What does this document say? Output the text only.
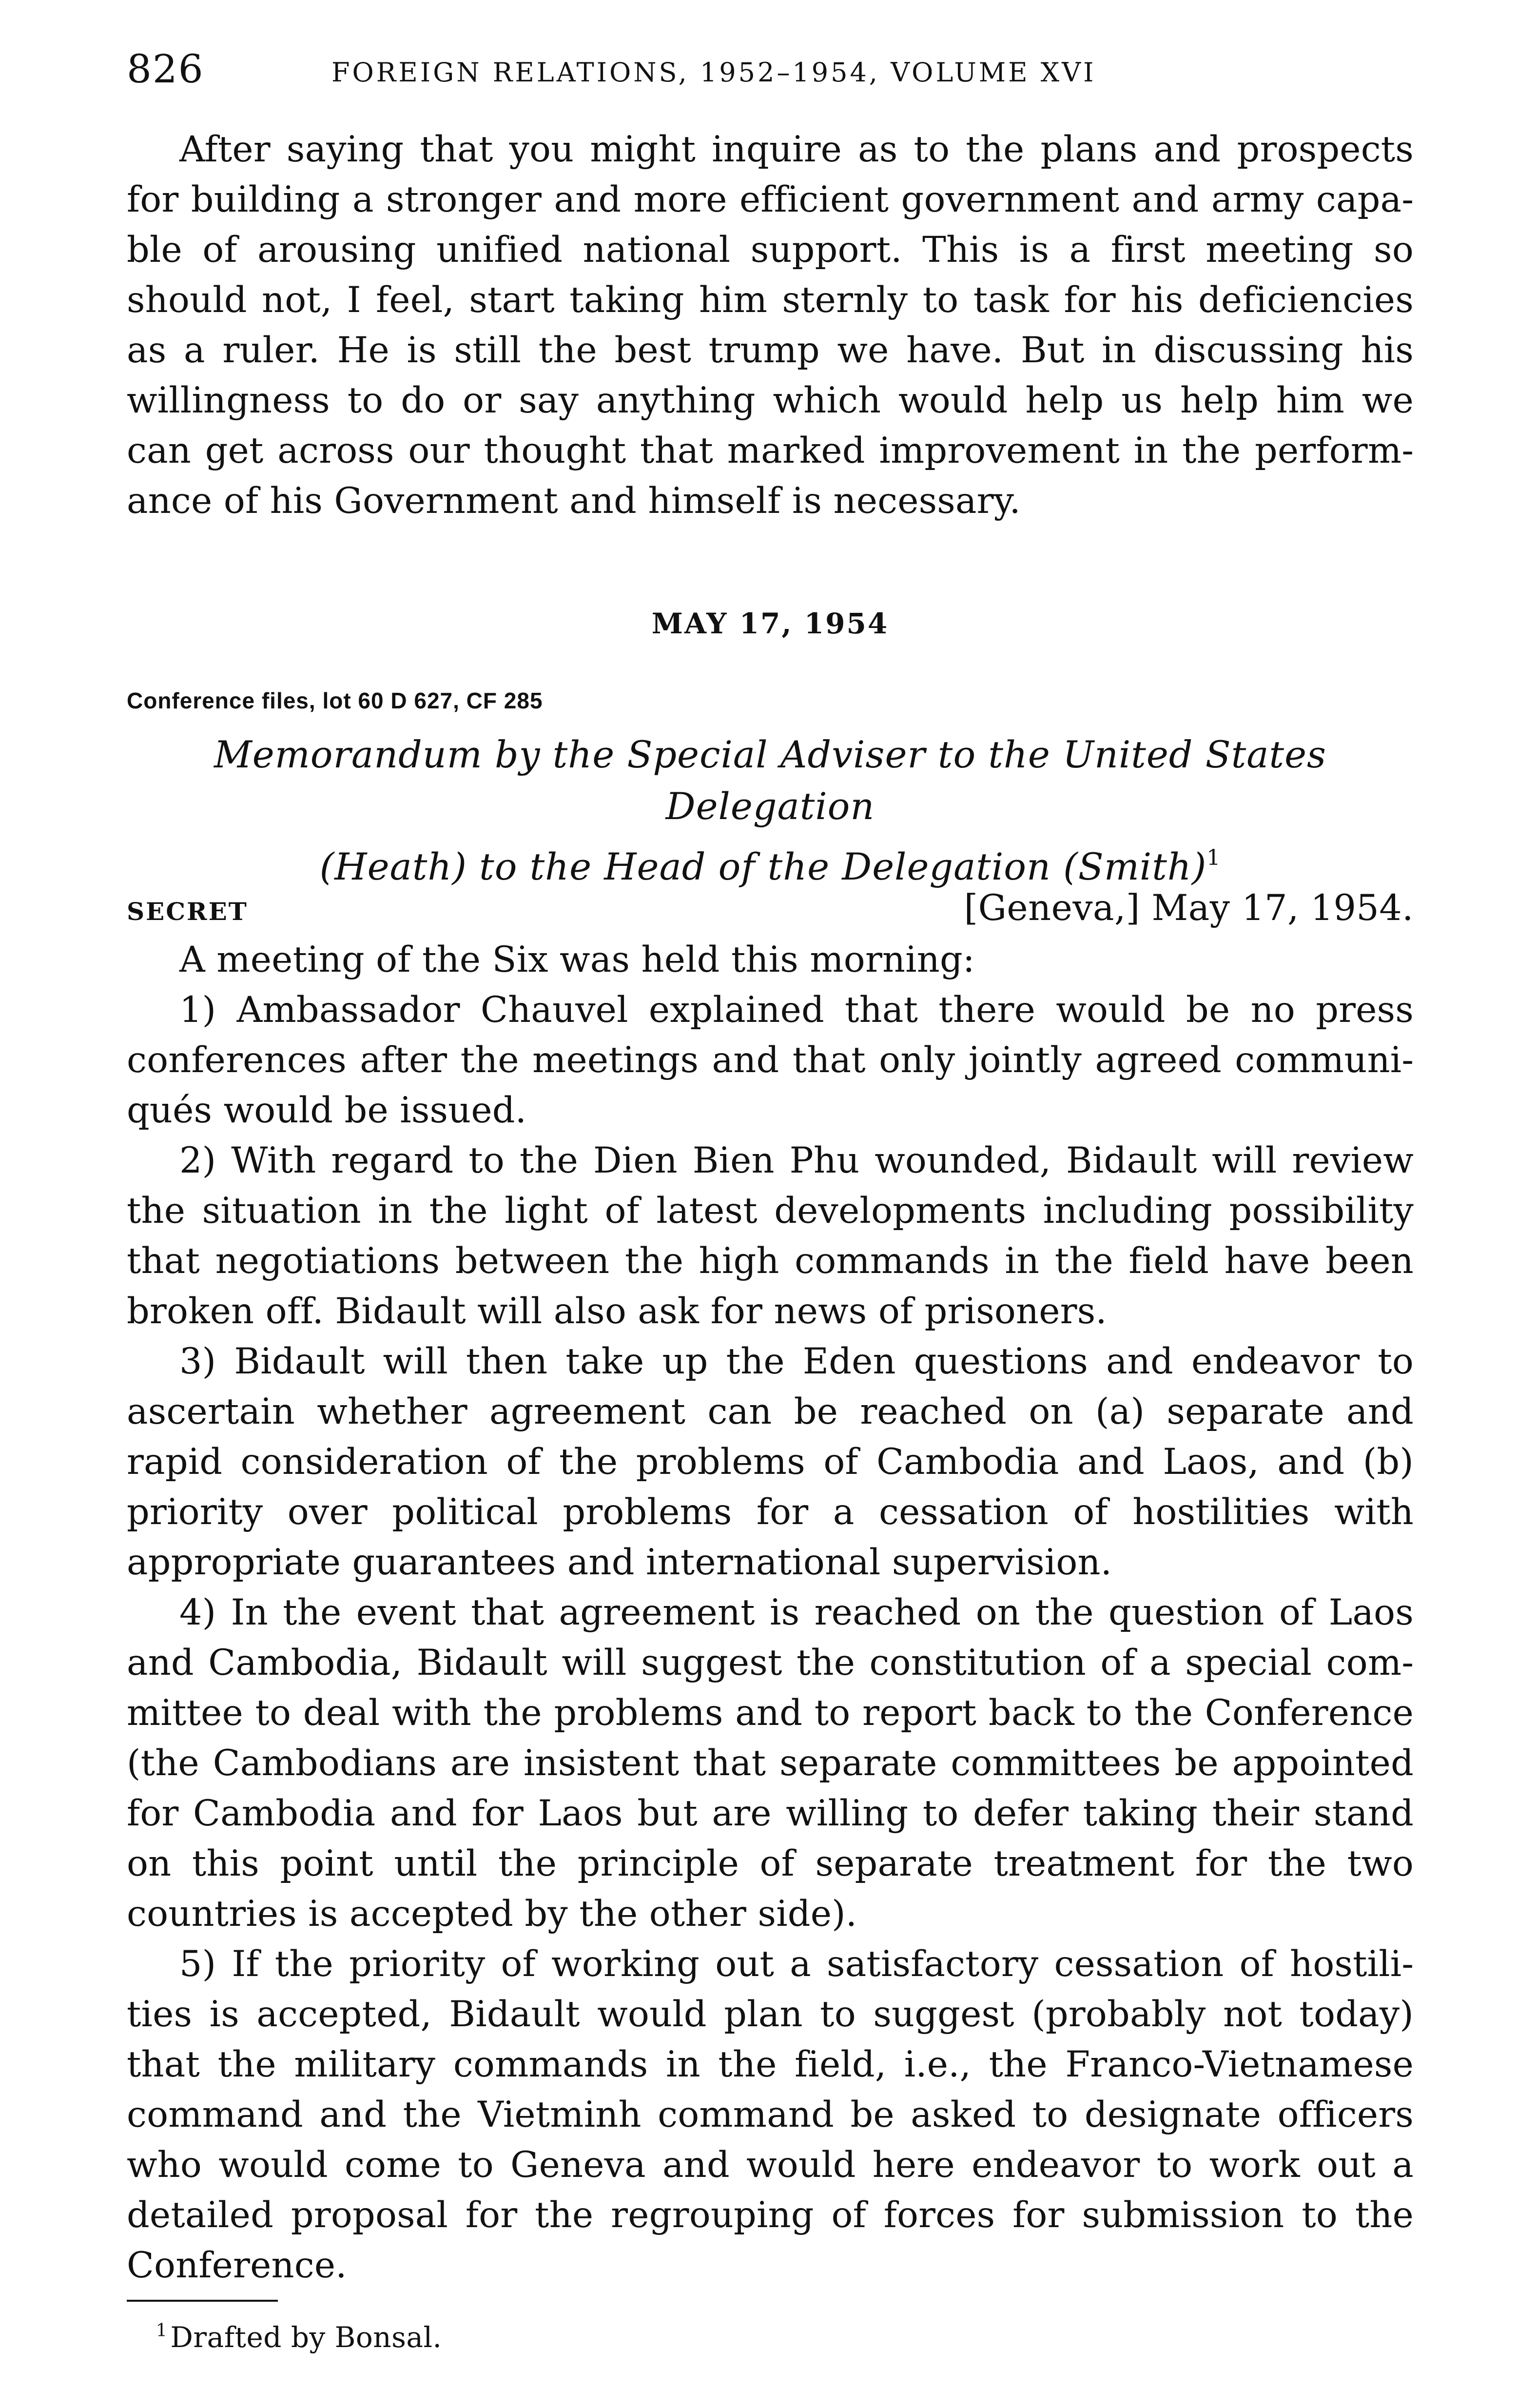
826	FOREIGN RELATIONS, 1952–1954, VOLUME XVI

After saying that you might inquire as to the plans and prospects for building a stronger and more efficient government and army capable of arousing unified national support. This is a first meeting so should not, I feel, start taking him sternly to task for his deficiencies as a ruler. He is still the best trump we have. But in discussing his willingness to do or say anything which would help us help him we can get across our thought that marked improvement in the performance of his Government and himself is necessary.

MAY 17, 1954
Conference files, lot 60 D 627, CF 285
Memorandum by the Special Adviser to the United States Delegation
(Heath) to the Head of the Delegation (Smith)$^1$
SECRET	[Geneva,] May 17, 1954.

A meeting of the Six was held this morning:

1) Ambassador Chauvel explained that there would be no press conferences after the meetings and that only jointly agreed communiqués would be issued.

2) With regard to the Dien Bien Phu wounded, Bidault will review the situation in the light of latest developments including possibility that negotiations between the high commands in the field have been broken off. Bidault will also ask for news of prisoners.

3) Bidault will then take up the Eden questions and endeavor to ascertain whether agreement can be reached on (a) separate and rapid consideration of the problems of Cambodia and Laos, and (b) priority over political problems for a cessation of hostilities with appropriate guarantees and international supervision.

4) In the event that agreement is reached on the question of Laos and Cambodia, Bidault will suggest the constitution of a special committee to deal with the problems and to report back to the Conference (the Cambodians are insistent that separate committees be appointed for Cambodia and for Laos but are willing to defer taking their stand on this point until the principle of separate treatment for the two countries is accepted by the other side).

5) If the priority of working out a satisfactory cessation of hostilities is accepted, Bidault would plan to suggest (probably not today) that the military commands in the field, i.e., the Franco-Vietnamese command and the Vietminh command be asked to designate officers who would come to Geneva and would here endeavor to work out a detailed proposal for the regrouping of forces for submission to the Conference.

$^1$ Drafted by Bonsal.
